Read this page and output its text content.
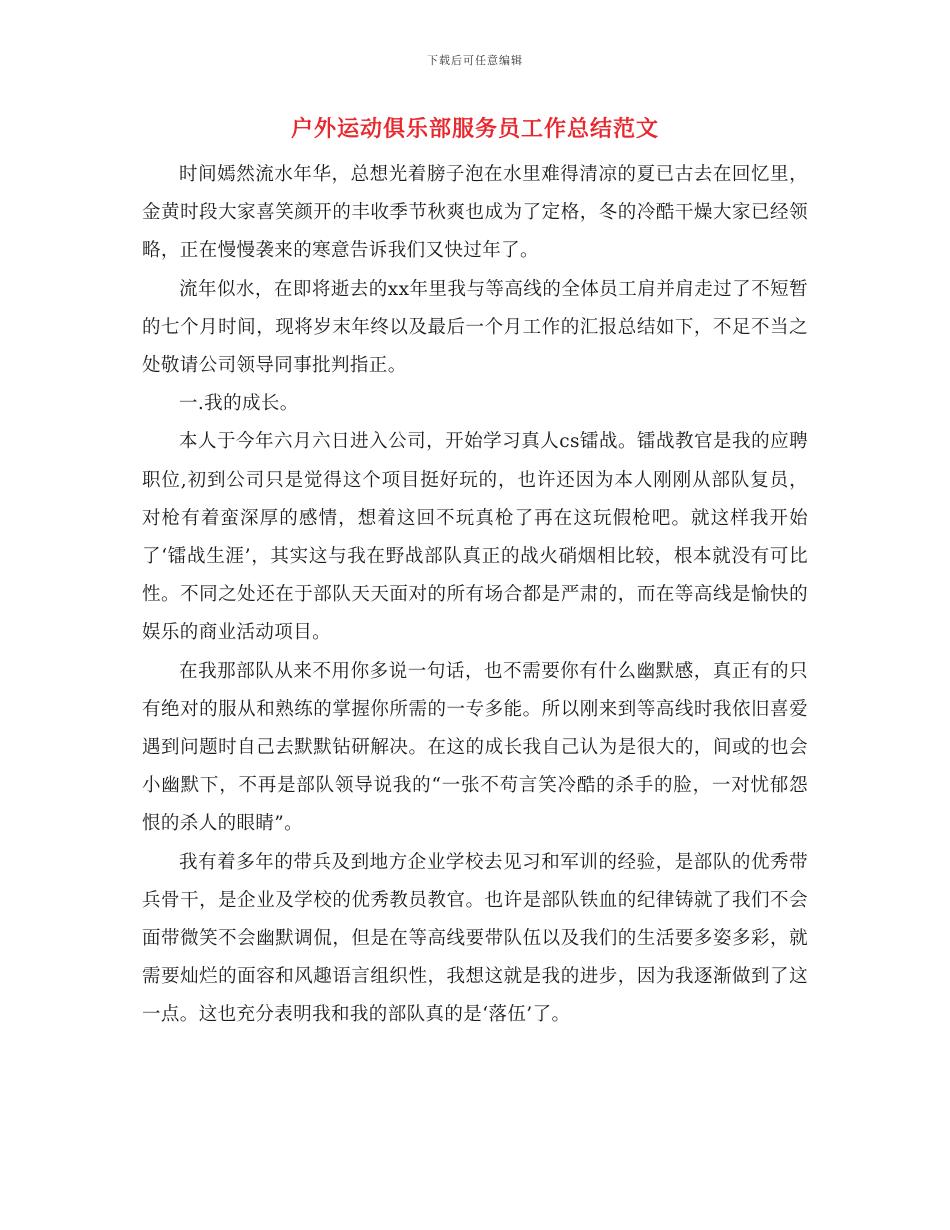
下载后可任意编辑
户外运动俱乐部服务员工作总结范文

时间嫣然流水年华，总想光着膀子泡在水里难得清凉的夏已古去在回忆里，金黄时段大家喜笑颜开的丰收季节秋爽也成为了定格，冬的冷酷干燥大家已经领略，正在慢慢袭来的寒意告诉我们又快过年了。

流年似水，在即将逝去的xx年里我与等高线的全体员工肩并肩走过了不短暂的七个月时间，现将岁末年终以及最后一个月工作的汇报总结如下，不足不当之处敬请公司领导同事批判指正。

一.我的成长。

本人于今年六月六日进入公司，开始学习真人cs镭战。镭战教官是我的应聘职位,初到公司只是觉得这个项目挺好玩的，也许还因为本人刚刚从部队复员，对枪有着蛮深厚的感情，想着这回不玩真枪了再在这玩假枪吧。就这样我开始了‘镭战生涯’，其实这与我在野战部队真正的战火硝烟相比较，根本就没有可比性。不同之处还在于部队天天面对的所有场合都是严肃的，而在等高线是愉快的娱乐的商业活动项目。

在我那部队从来不用你多说一句话，也不需要你有什么幽默感，真正有的只有绝对的服从和熟练的掌握你所需的一专多能。所以刚来到等高线时我依旧喜爱遇到问题时自己去默默钻研解决。在这的成长我自己认为是很大的，间或的也会小幽默下，不再是部队领导说我的“一张不苟言笑冷酷的杀手的脸，一对忧郁怨恨的杀人的眼睛”。

我有着多年的带兵及到地方企业学校去见习和军训的经验，是部队的优秀带兵骨干，是企业及学校的优秀教员教官。也许是部队铁血的纪律铸就了我们不会面带微笑不会幽默调侃，但是在等高线要带队伍以及我们的生活要多姿多彩，就需要灿烂的面容和风趣语言组织性，我想这就是我的进步，因为我逐渐做到了这一点。这也充分表明我和我的部队真的是‘落伍’了。
